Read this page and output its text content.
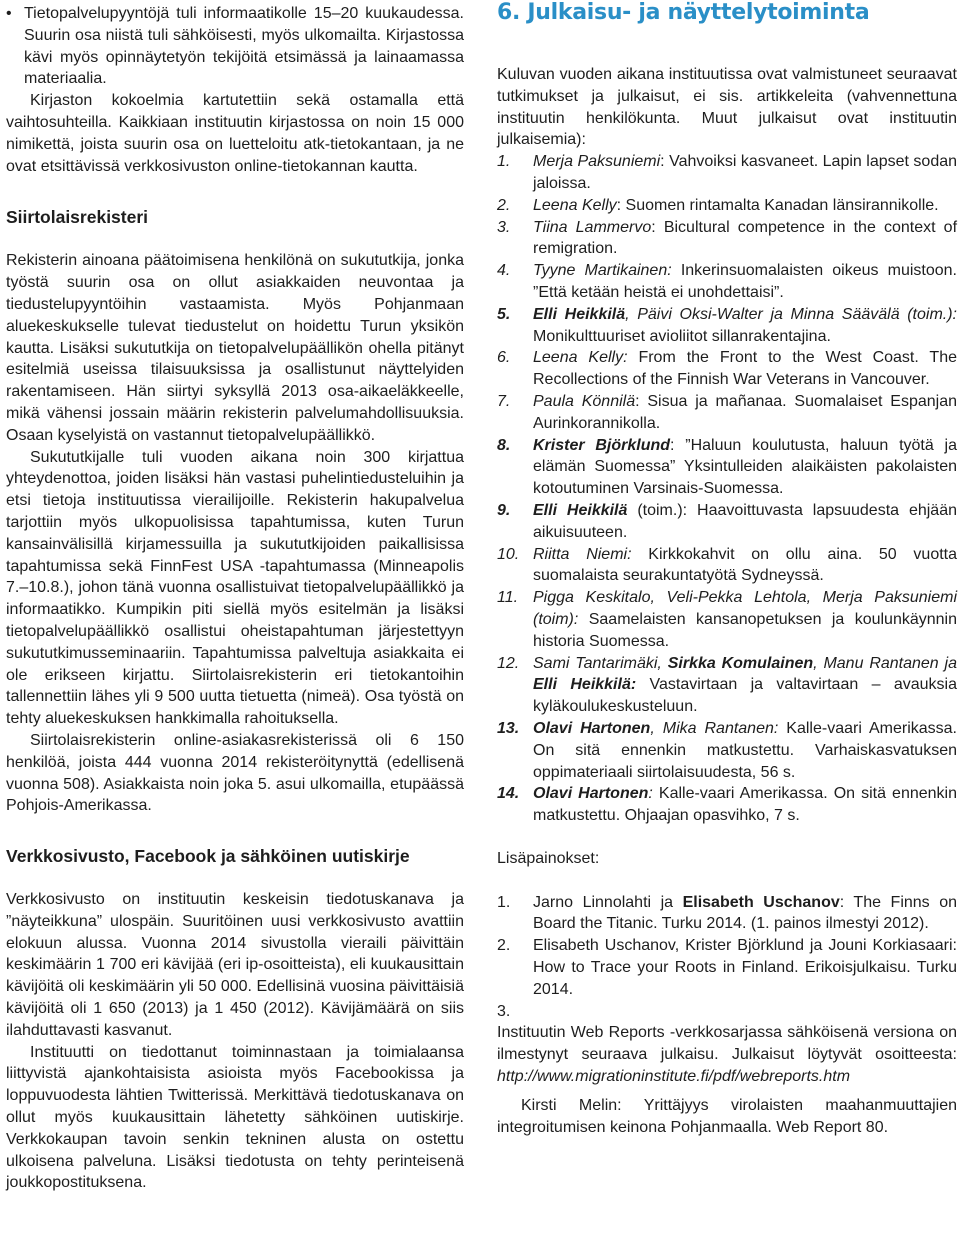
• Tietopalvelupyyntöjä tuli informaatikolle 15–20 kuukaudessa. Suurin osa niistä tuli sähköisesti, myös ulkomailta. Kirjastossa kävi myös opinnäytetyön tekijöitä etsimässä ja lainaamassa materiaalia.

Kirjaston kokoelmia kartutettiin sekä ostamalla että vaihtosuhteilla. Kaikkiaan instituutin kirjastossa on noin 15 000 nimikettä, joista suurin osa on luetteloitu atk-tietokantaan, ja ne ovat etsittävissä verkkosivuston online-tietokannan kautta.

Siirtolaisrekisteri

Rekisterin ainoana päätoimisena henkilönä on sukututkija, jonka työstä suurin osa on ollut asiakkaiden neuvontaa ja tiedustelupyyntöihin vastaamista. Myös Pohjanmaan aluekeskukselle tulevat tiedustelut on hoidettu Turun yksikön kautta. Lisäksi sukututkija on tietopalvelupäällikön ohella pitänyt esitelmiä useissa tilaisuuksissa ja osallistunut näyttelyiden rakentamiseen. Hän siirtyi syksyllä 2013 osa-aikaeläkkeelle, mikä vähensi jossain määrin rekisterin palvelumahdollisuuksia. Osaan kyselyistä on vastannut tietopalvelupäällikkö.

Sukututkijalle tuli vuoden aikana noin 300 kirjattua yhteydenottoa, joiden lisäksi hän vastasi puhelintiedusteluihin ja etsi tietoja instituutissa vierailijoille. Rekisterin hakupalvelua tarjottiin myös ulkopuolisissa tapahtumissa, kuten Turun kansainvälisillä kirjamessuilla ja sukututkijoiden paikallisissa tapahtumissa sekä FinnFest USA -tapahtumassa (Minneapolis 7.–10.8.), johon tänä vuonna osallistuivat tietopalvelupäällikkö ja informaatikko. Kumpikin piti siellä myös esitelmän ja lisäksi tietopalvelupäällikkö osallistui oheistapahtuman järjestettyyn sukututkimusseminaariin. Tapahtumissa palveltuja asiakkaita ei ole erikseen kirjattu. Siirtolaisrekisterin eri tietokantoihin tallennettiin lähes yli 9 500 uutta tietuetta (nimeä). Osa työstä on tehty aluekeskuksen hankkimalla rahoituksella.

Siirtolaisrekisterin online-asiakasrekisterissä oli 6 150 henkilöä, joista 444 vuonna 2014 rekisteröitynyttä (edellisenä vuonna 508). Asiakkaista noin joka 5. asui ulkomailla, etupäässä Pohjois-Amerikassa.

Verkkosivusto, Facebook ja sähköinen uutiskirje

Verkkosivusto on instituutin keskeisin tiedotuskanava ja ”näyteikkuna” ulospäin. Suuritöinen uusi verkkosivusto avattiin elokuun alussa. Vuonna 2014 sivustolla vieraili päivittäin keskimäärin 1 700 eri kävijää (eri ip-osoitteista), eli kuukausittain kävijöitä oli keskimäärin yli 50 000. Edellisinä vuosina päivittäisiä kävijöitä oli 1 650 (2013) ja 1 450 (2012). Kävijämäärä on siis ilahduttavasti kasvanut.

Instituutti on tiedottanut toiminnastaan ja toimialaansa liittyvistä ajankohtaisista asioista myös Facebookissa ja loppuvuodesta lähtien Twitterissä. Merkittävä tiedotuskanava on ollut myös kuukausittain lähetetty sähköinen uutiskirje. Verkkokaupan tavoin senkin tekninen alusta on ostettu ulkoisena palveluna. Lisäksi tiedotusta on tehty perinteisenä joukkopostituksena.

6. Julkaisu- ja näyttelytoiminta

Kuluvan vuoden aikana instituutissa ovat valmistuneet seuraavat tutkimukset ja julkaisut, ei sis. artikkeleita (vahvennettuna instituutin henkilökunta. Muut julkaisut ovat instituutin julkaisemia):

1. Merja Paksuniemi: Vahvoiksi kasvaneet. Lapin lapset sodan jaloissa.
2. Leena Kelly: Suomen rintamalta Kanadan länsirannikolle.
3. Tiina Lammervo: Bicultural competence in the context of remigration.
4. Tyyne Martikainen: Inkerinsuomalaisten oikeus muistoon. ”Että ketään heistä ei unohdettaisi”.
5. Elli Heikkilä, Päivi Oksi-Walter ja Minna Säävälä (toim.): Monikulttuuriset avioliitot sillanrakentajina.
6. Leena Kelly: From the Front to the West Coast. The Recollections of the Finnish War Veterans in Vancouver.
7. Paula Könnilä: Sisua ja mañanaa. Suomalaiset Espanjan Aurinkorannikolla.
8. Krister Björklund: ”Haluun koulutusta, haluun työtä ja elämän Suomessa” Yksintulleiden alaikäisten pakolaisten kotoutuminen Varsinais-Suomessa.
9. Elli Heikkilä (toim.): Haavoittuvasta lapsuudesta ehjään aikuisuuteen.
10. Riitta Niemi: Kirkkokahvit on ollu aina. 50 vuotta suomalaista seurakuntatyötä Sydneyssä.
11. Pigga Keskitalo, Veli-Pekka Lehtola, Merja Paksuniemi (toim): Saamelaisten kansanopetuksen ja koulunkäynnin historia Suomessa.
12. Sami Tantarimäki, Sirkka Komulainen, Manu Rantanen ja Elli Heikkilä: Vastavirtaan ja valtavirtaan – avauksia kyläkoulukeskusteluun.
13. Olavi Hartonen, Mika Rantanen: Kalle-vaari Amerikassa. On sitä ennenkin matkustettu. Varhaiskasvatuksen oppimateriaali siirtolaisuudesta, 56 s.
14. Olavi Hartonen: Kalle-vaari Amerikassa. On sitä ennenkin matkustettu. Ohjaajan opasvihko, 7 s.

Lisäpainokset:

1. Jarno Linnolahti ja Elisabeth Uschanov: The Finns on Board the Titanic. Turku 2014. (1. painos ilmestyi 2012).
2. Elisabeth Uschanov, Krister Björklund ja Jouni Korkiasaari: How to Trace your Roots in Finland. Erikoisjulkaisu. Turku 2014.
3.

Instituutin Web Reports -verkkosarjassa sähköisenä versiona on ilmestynyt seuraava julkaisu. Julkaisut löytyvät osoitteesta: http://www.migrationinstitute.fi/pdf/webreports.htm

Kirsti Melin: Yrittäjyys virolaisten maahanmuuttajien integroitumisen keinona Pohjanmaalla. Web Report 80.
